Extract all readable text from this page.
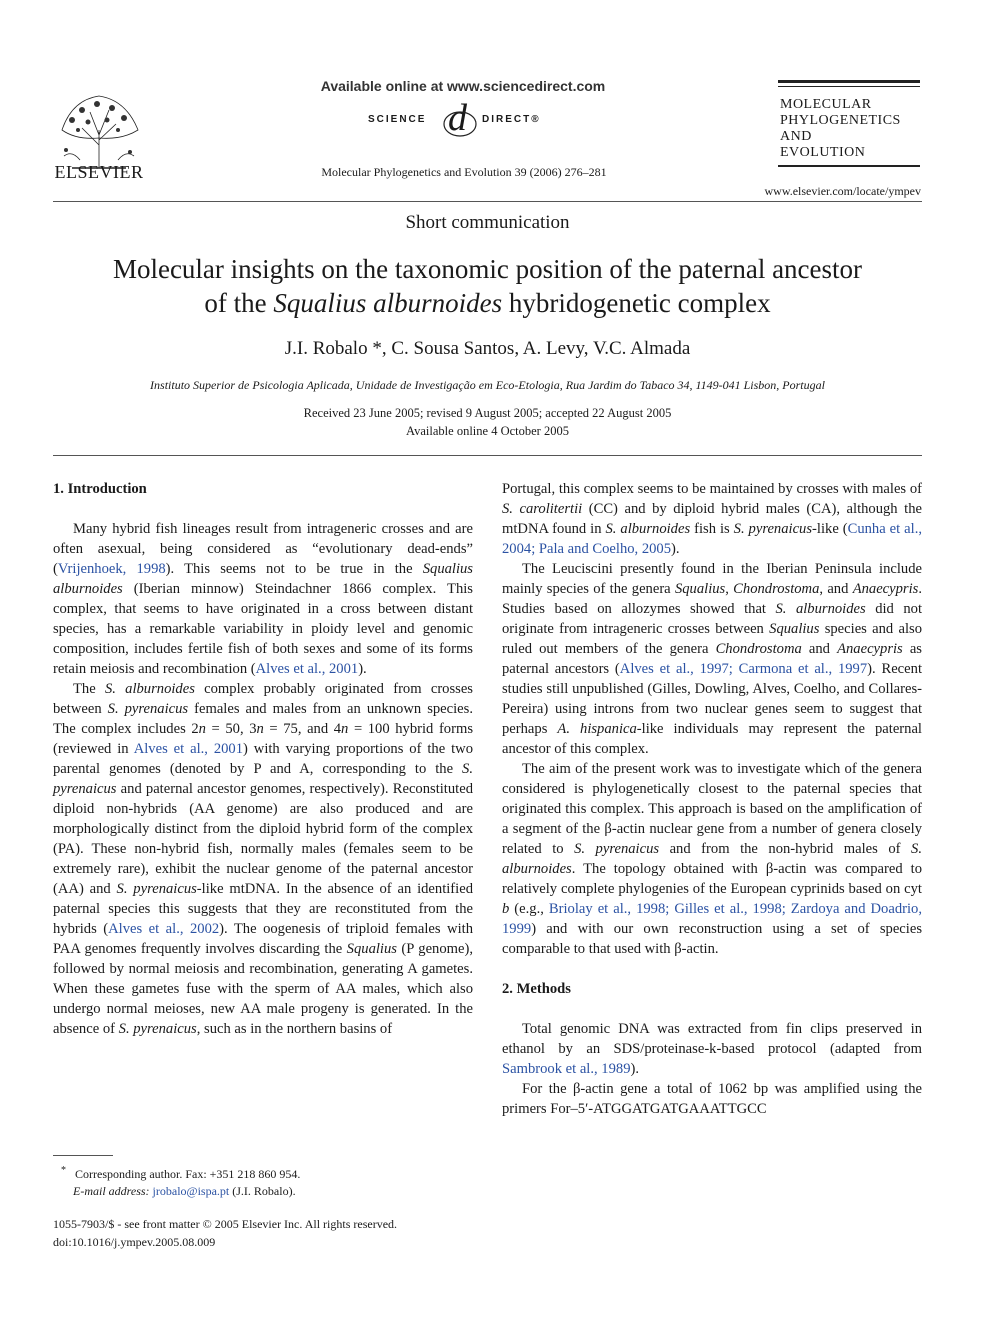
ELSEVIER
Available online at www.sciencedirect.com
SCIENCE d DIRECT®
Molecular Phylogenetics and Evolution 39 (2006) 276–281
MOLECULAR
PHYLOGENETICS
AND
EVOLUTION
www.elsevier.com/locate/ympev
Short communication
Molecular insights on the taxonomic position of the paternal ancestor
of the Squalius alburnoides hybridogenetic complex
J.I. Robalo *, C. Sousa Santos, A. Levy, V.C. Almada
Instituto Superior de Psicologia Aplicada, Unidade de Investigação em Eco-Etologia, Rua Jardim do Tabaco 34, 1149-041 Lisbon, Portugal
Received 23 June 2005; revised 9 August 2005; accepted 22 August 2005
Available online 4 October 2005
1. Introduction

Many hybrid fish lineages result from intrageneric crosses and are often asexual, being considered as “evolutionary dead-ends” (Vrijenhoek, 1998). This seems not to be true in the Squalius alburnoides (Iberian minnow) Steindachner 1866 complex. This complex, that seems to have originated in a cross between distant species, has a remarkable variability in ploidy level and genomic composition, includes fertile fish of both sexes and some of its forms retain meiosis and recombination (Alves et al., 2001).

The S. alburnoides complex probably originated from crosses between S. pyrenaicus females and males from an unknown species. The complex includes 2n = 50, 3n = 75, and 4n = 100 hybrid forms (reviewed in Alves et al., 2001) with varying proportions of the two parental genomes (denoted by P and A, corresponding to the S. pyrenaicus and paternal ancestor genomes, respectively). Reconstituted diploid non-hybrids (AA genome) are also produced and are morphologically distinct from the diploid hybrid form of the complex (PA). These non-hybrid fish, normally males (females seem to be extremely rare), exhibit the nuclear genome of the paternal ancestor (AA) and S. pyrenaicus-like mtDNA. In the absence of an identified paternal species this suggests that they are reconstituted from the hybrids (Alves et al., 2002). The oogenesis of triploid females with PAA genomes frequently involves discarding the Squalius (P genome), followed by normal meiosis and recombination, generating A gametes. When these gametes fuse with the sperm of AA males, which also undergo normal meioses, new AA male progeny is generated. In the absence of S. pyrenaicus, such as in the northern basins of

Portugal, this complex seems to be maintained by crosses with males of S. carolitertii (CC) and by diploid hybrid males (CA), although the mtDNA found in S. alburnoides fish is S. pyrenaicus-like (Cunha et al., 2004; Pala and Coelho, 2005).

The Leuciscini presently found in the Iberian Peninsula include mainly species of the genera Squalius, Chondrostoma, and Anaecypris. Studies based on allozymes showed that S. alburnoides did not originate from intrageneric crosses between Squalius species and also ruled out members of the genera Chondrostoma and Anaecypris as paternal ancestors (Alves et al., 1997; Carmona et al., 1997). Recent studies still unpublished (Gilles, Dowling, Alves, Coelho, and Collares-Pereira) using introns from two nuclear genes seem to suggest that perhaps A. hispanica-like individuals may represent the paternal ancestor of this complex.

The aim of the present work was to investigate which of the genera considered is phylogenetically closest to the paternal species that originated this complex. This approach is based on the amplification of a segment of the β-actin nuclear gene from a number of genera closely related to S. pyrenaicus and from the non-hybrid males of S. alburnoides. The topology obtained with β-actin was compared to relatively complete phylogenies of the European cyprinids based on cyt b (e.g., Briolay et al., 1998; Gilles et al., 1998; Zardoya and Doadrio, 1999) and with our own reconstruction using a set of species comparable to that used with β-actin.

2. Methods

Total genomic DNA was extracted from fin clips preserved in ethanol by an SDS/proteinase-k-based protocol (adapted from Sambrook et al., 1989).

For the β-actin gene a total of 1062 bp was amplified using the primers For–5′-ATGGATGATGAAATTGCC

* Corresponding author. Fax: +351 218 860 954.
E-mail address: jrobalo@ispa.pt (J.I. Robalo).
1055-7903/$ - see front matter © 2005 Elsevier Inc. All rights reserved.
doi:10.1016/j.ympev.2005.08.009
